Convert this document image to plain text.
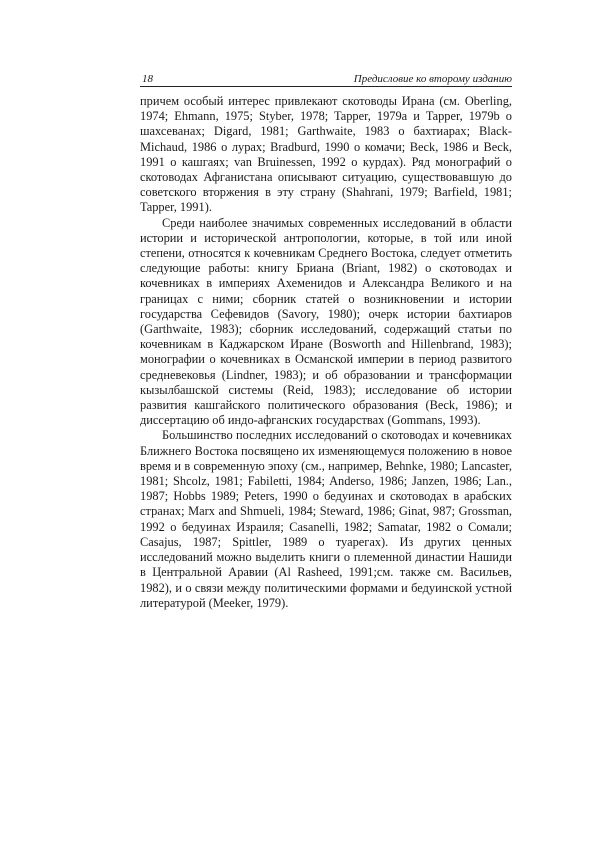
18	Предисловие ко второму изданию

причем особый интерес привлекают скотоводы Ирана (см. Oberling, 1974; Ehmann, 1975; Styber, 1978; Tapper, 1979a и Tapper, 1979b о шахсеванах; Digard, 1981; Garthwaite, 1983 о бахтиарах; Black-Michaud, 1986 о лурах; Bradburd, 1990 о комачи; Beck, 1986 и Beck, 1991 о кашгаях; van Bruinessen, 1992 о курдах). Ряд монографий о скотоводах Афганистана описывают ситуацию, существовавшую до советского вторжения в эту страну (Shahrani, 1979; Barfield, 1981; Tapper, 1991).

Среди наиболее значимых современных исследований в области истории и исторической антропологии, которые, в той или иной степени, относятся к кочевникам Среднего Востока, следует отметить следующие работы: книгу Бриана (Briant, 1982) о скотоводах и кочевниках в империях Ахеменидов и Александра Великого и на границах с ними; сборник статей о возникновении и истории государства Сефевидов (Savory, 1980); очерк истории бахтиаров (Garthwaite, 1983); сборник исследований, содержащий статьи по кочевникам в Каджарском Иране (Bosworth and Hillenbrand, 1983); монографии о кочевниках в Османской империи в период развитого средневековья (Lindner, 1983); и об образовании и трансформации кызылбашской системы (Reid, 1983); исследование об истории развития кашгайского политического образования (Beck, 1986); и диссертацию об индо-афганских государствах (Gommans, 1993).

Большинство последних исследований о скотоводах и кочевниках Ближнего Востока посвящено их изменяющемуся положению в новое время и в современную эпоху (см., например, Behnke, 1980; Lancaster, 1981; Shcolz, 1981; Fabiletti, 1984; Anderso, 1986; Janzen, 1986; Lan., 1987; Hobbs 1989; Peters, 1990 о бедуинах и скотоводах в арабских странах; Marx and Shmueli, 1984; Steward, 1986; Ginat, 987; Grossman, 1992 о бедуинах Израиля; Casanelli, 1982; Samatar, 1982 о Сомали; Casajus, 1987; Spittler, 1989 о туарегах). Из других ценных исследований можно выделить книги о племенной династии Нашиди в Центральной Аравии (Al Rasheed, 1991;см. также см. Васильев, 1982), и о связи между политическими формами и бедуинской устной литературой (Meeker, 1979).
